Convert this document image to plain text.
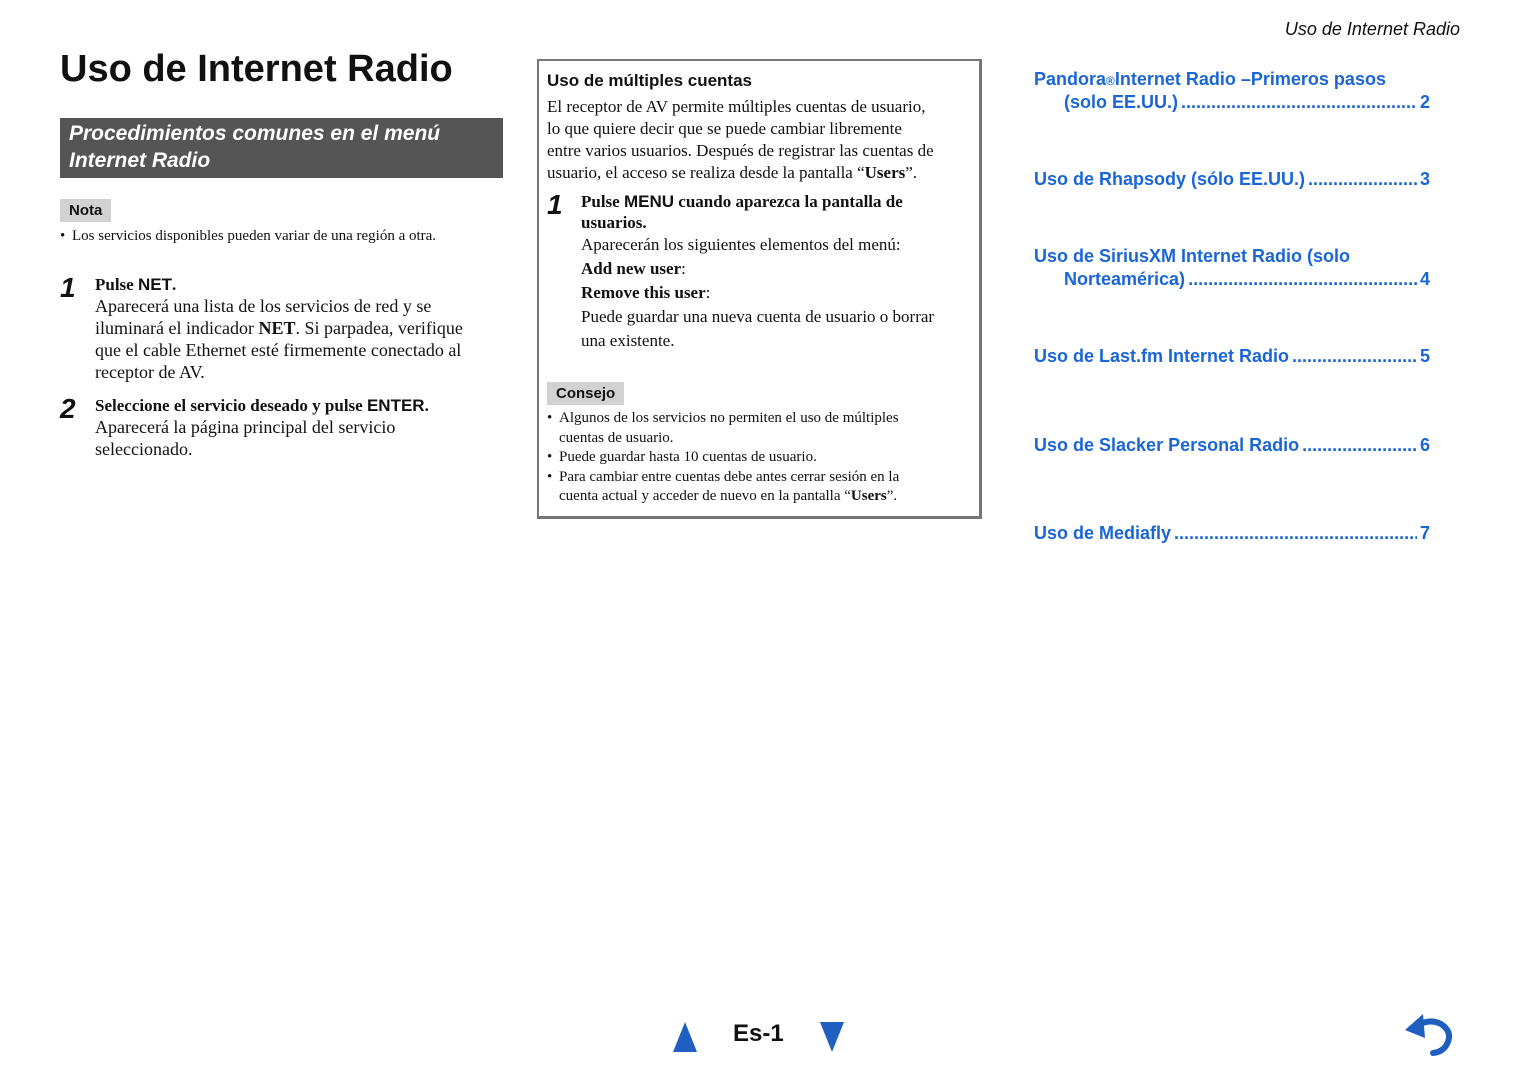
Uso de Internet Radio
Uso de Internet Radio
Procedimientos comunes en el menú
Internet Radio
Nota
• Los servicios disponibles pueden variar de una región a otra.
1 Pulse NET.
Aparecerá una lista de los servicios de red y se
iluminará el indicador NET. Si parpadea, verifique
que el cable Ethernet esté firmemente conectado al
receptor de AV.
2 Seleccione el servicio deseado y pulse ENTER.
Aparecerá la página principal del servicio
seleccionado.
Uso de múltiples cuentas
El receptor de AV permite múltiples cuentas de usuario,
lo que quiere decir que se puede cambiar libremente
entre varios usuarios. Después de registrar las cuentas de
usuario, el acceso se realiza desde la pantalla “Users”.
1 Pulse MENU cuando aparezca la pantalla de
usuarios.
Aparecerán los siguientes elementos del menú:
Add new user:
Remove this user:
Puede guardar una nueva cuenta de usuario o borrar
una existente.
Consejo
• Algunos de los servicios no permiten el uso de múltiples
cuentas de usuario.
• Puede guardar hasta 10 cuentas de usuario.
• Para cambiar entre cuentas debe antes cerrar sesión en la
cuenta actual y acceder de nuevo en la pantalla “Users”.
Pandora ® Internet Radio –Primeros pasos
(solo EE.UU.) .....	2
Uso de Rhapsody (sólo EE.UU.) .....	3
Uso de SiriusXM Internet Radio (solo
Norteamérica) .....	4
Uso de Last.fm Internet Radio .....	5
Uso de Slacker Personal Radio .....	6
Uso de Mediafly .....	7
Es-1
